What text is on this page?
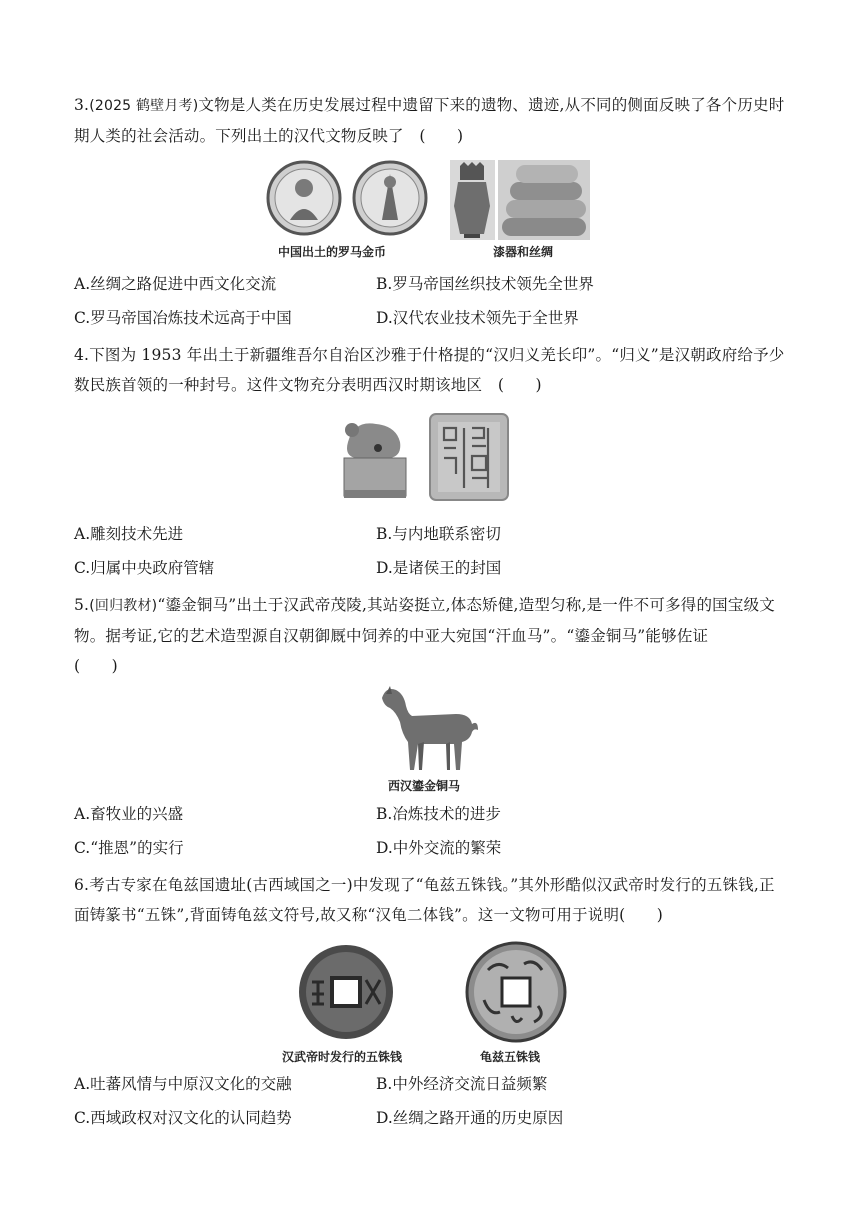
3.(2025 鹤壁月考)文物是人类在历史发展过程中遗留下来的遗物、遗迹,从不同的侧面反映了各个历史时期人类的社会活动。下列出土的汉代文物反映了　(　　)
中国出土的罗马金币	漆器和丝绸
A.丝绸之路促进中西文化交流	B.罗马帝国丝织技术领先全世界
C.罗马帝国冶炼技术远高于中国	D.汉代农业技术领先于全世界
4.下图为 1953 年出土于新疆维吾尔自治区沙雅于什格提的“汉归义羌长印”。“归义”是汉朝政府给予少数民族首领的一种封号。这件文物充分表明西汉时期该地区　(　　)
A.雕刻技术先进	B.与内地联系密切
C.归属中央政府管辖	D.是诸侯王的封国
5.(回归教材)“鎏金铜马”出土于汉武帝茂陵,其站姿挺立,体态矫健,造型匀称,是一件不可多得的国宝级文物。据考证,它的艺术造型源自汉朝御厩中饲养的中亚大宛国“汗血马”。“鎏金铜马”能够佐证　　　　　　(　　)
西汉鎏金铜马
A.畜牧业的兴盛	B.冶炼技术的进步
C.“推恩”的实行	D.中外交流的繁荣
6.考古专家在龟兹国遗址(古西域国之一)中发现了“龟兹五铢钱。”其外形酷似汉武帝时发行的五铢钱,正面铸篆书“五铢”,背面铸龟兹文符号,故又称“汉龟二体钱”。这一文物可用于说明(　　)
汉武帝时发行的五铢钱	龟兹五铢钱
A.吐蕃风情与中原汉文化的交融	B.中外经济交流日益频繁
C.西域政权对汉文化的认同趋势	D.丝绸之路开通的历史原因
